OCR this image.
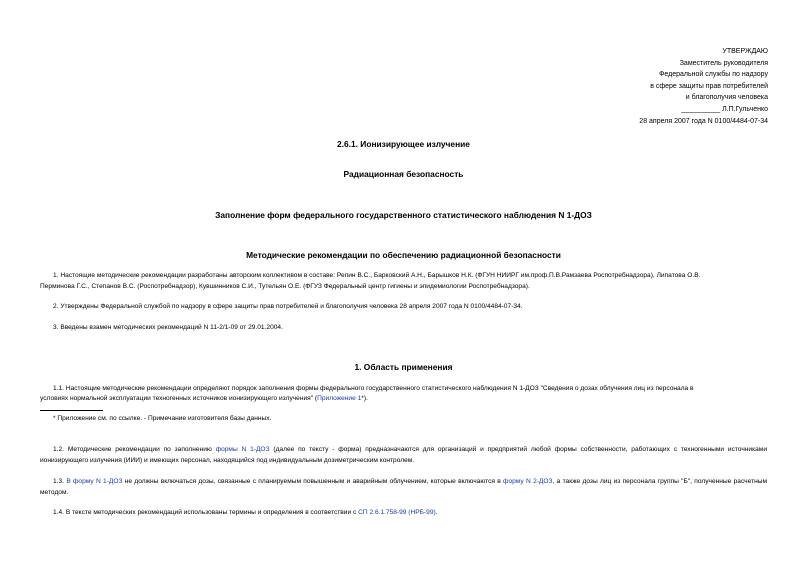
УТВЕРЖДАЮ
Заместитель руководителя
Федеральной службы по надзору
в сфере защиты прав потребителей
и благополучия человека
__________ Л.П.Гульченко
28 апреля 2007 года N 0100/4484-07-34
2.6.1. Ионизирующее излучение
Радиационная безопасность
Заполнение форм федерального государственного статистического наблюдения N 1-ДОЗ
Методические рекомендации по обеспечению радиационной безопасности
1. Настоящие методические рекомендации разработаны авторским коллективом в составе: Репин В.С., Барковский А.Н., Барышков Н.К. (ФГУН НИИРГ им.проф.П.В.Рамзаева Роспотребнадзора), Липатова О.В.
Перминова Г.С., Степанов В.С. (Роспотребнадзор), Кувшинников С.И., Тутельян О.Е. (ФГУЗ Федеральный центр гигиены и эпидемиологии Роспотребнадзора).
2. Утверждены Федеральной службой по надзору в сфере защиты прав потребителей и благополучия человека 28 апреля 2007 года N 0100/4484-07-34.
3. Введены взамен методических рекомендаций N 11-2/1-09 от 29.01.2004.
1. Область применения
1.1. Настоящие методические рекомендации определяют порядок заполнения формы федерального государственного статистического наблюдения N 1-ДОЗ "Сведения о дозах облучения лиц из персонала в
условиях нормальной эксплуатации техногенных источников ионизирующего излучения" (Приложение 1*).
* Приложение см. по ссылке. - Примечание изготовителя базы данных.
1.2. Методические рекомендации по заполнению формы N 1-ДОЗ (далее по тексту - форма) предназначаются для организаций и предприятий любой формы собственности, работающих с техногенными источниками ионизирующего излучения (ИИИ) и имеющих персонал, находящийся под индивидуальным дозиметрическим контролем.
1.3. В форму N 1-ДОЗ не должны включаться дозы, связанные с планируемым повышенным и аварийным облучением, которые включаются в форму N 2-ДОЗ, а также дозы лиц из персонала группы "Б", полученные расчетным методом.
1.4. В тексте методических рекомендаций использованы термины и определения в соответствии с СП 2.6.1.758-99 (НРБ-99).
